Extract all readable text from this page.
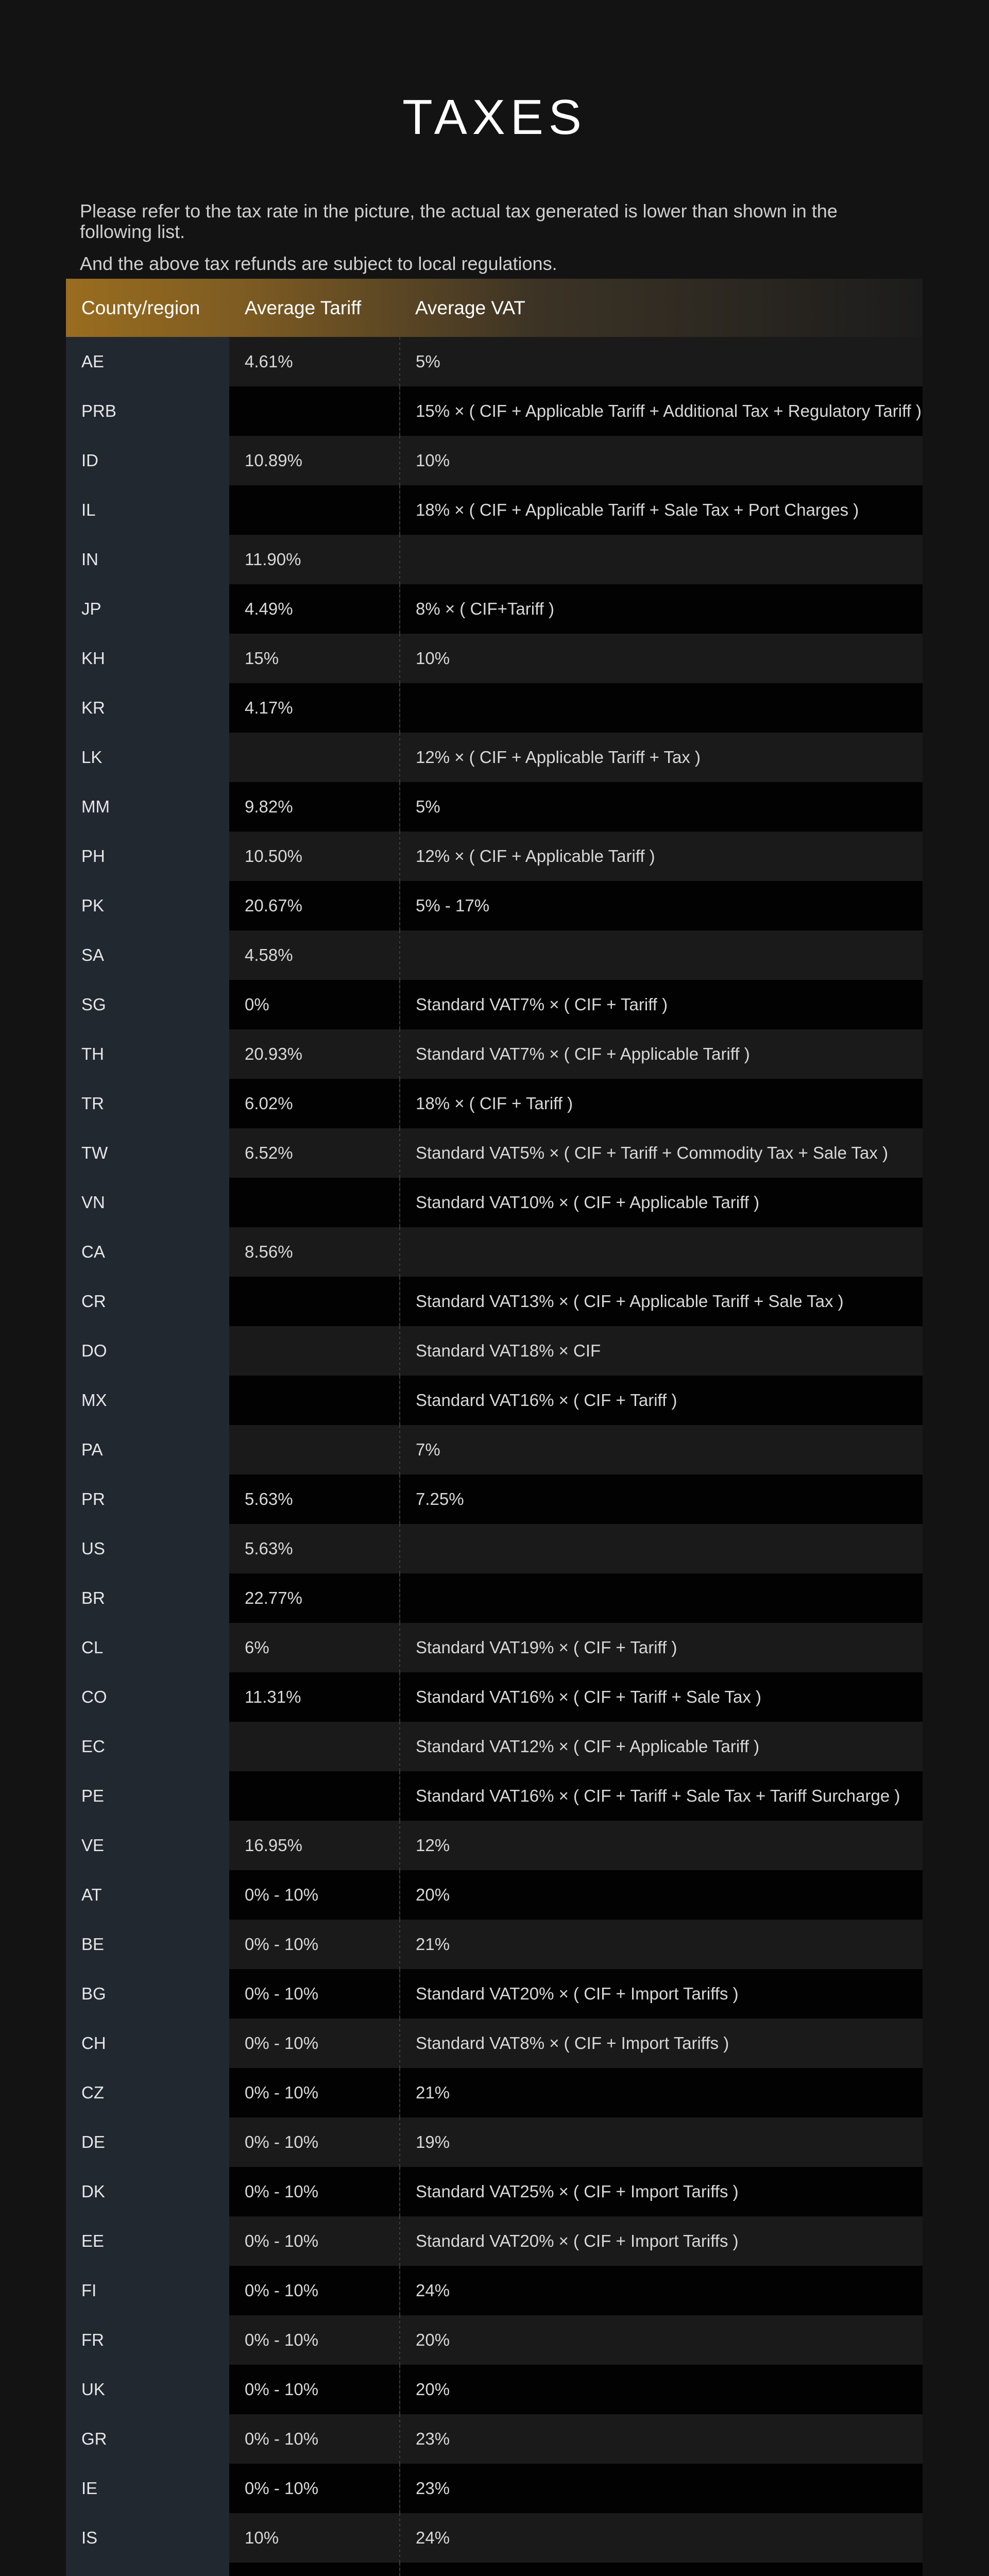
TAXES

Please refer to the tax rate in the picture, the actual tax generated is lower than shown in the following list.

And the above tax refunds are subject to local regulations.

County/region	Average Tariff	Average VAT
AE	4.61%	5%
PRB		15% × ( CIF + Applicable Tariff + Additional Tax + Regulatory Tariff )
ID	10.89%	10%
IL		18% × ( CIF + Applicable Tariff + Sale Tax + Port Charges )
IN	11.90%	
JP	4.49%	8% × ( CIF+Tariff )
KH	15%	10%
KR	4.17%	
LK		12% × ( CIF + Applicable Tariff + Tax )
MM	9.82%	5%
PH	10.50%	12% × ( CIF + Applicable Tariff )
PK	20.67%	5% - 17%
SA	4.58%	
SG	0%	Standard VAT7% × ( CIF + Tariff )
TH	20.93%	Standard VAT7% × ( CIF + Applicable Tariff )
TR	6.02%	18% × ( CIF + Tariff )
TW	6.52%	Standard VAT5% × ( CIF + Tariff + Commodity Tax + Sale Tax )
VN		Standard VAT10% × ( CIF + Applicable Tariff )
CA	8.56%	
CR		Standard VAT13% × ( CIF + Applicable Tariff + Sale Tax )
DO		Standard VAT18% × CIF
MX		Standard VAT16% × ( CIF + Tariff )
PA		7%
PR	5.63%	7.25%
US	5.63%	
BR	22.77%	
CL	6%	Standard VAT19% × ( CIF + Tariff )
CO	11.31%	Standard VAT16% × ( CIF + Tariff + Sale Tax )
EC		Standard VAT12% × ( CIF + Applicable Tariff )
PE		Standard VAT16% × ( CIF + Tariff + Sale Tax + Tariff Surcharge )
VE	16.95%	12%
AT	0% - 10%	20%
BE	0% - 10%	21%
BG	0% - 10%	Standard VAT20% × ( CIF + Import Tariffs )
CH	0% - 10%	Standard VAT8% × ( CIF + Import Tariffs )
CZ	0% - 10%	21%
DE	0% - 10%	19%
DK	0% - 10%	Standard VAT25% × ( CIF + Import Tariffs )
EE	0% - 10%	Standard VAT20% × ( CIF + Import Tariffs )
FI	0% - 10%	24%
FR	0% - 10%	20%
UK	0% - 10%	20%
GR	0% - 10%	23%
IE	0% - 10%	23%
IS	10%	24%
